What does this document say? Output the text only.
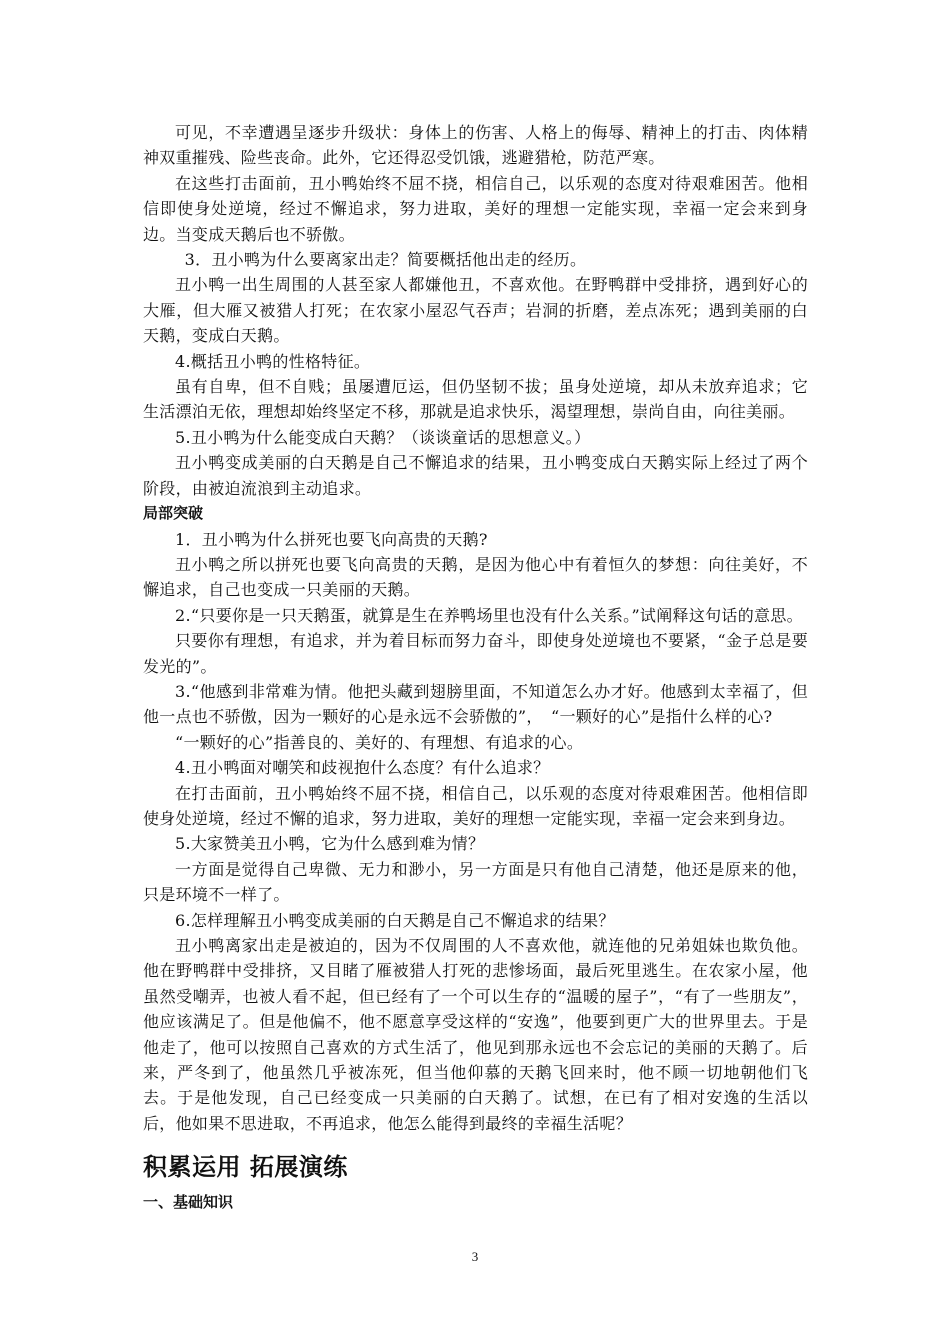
可见，不幸遭遇呈逐步升级状：身体上的伤害、人格上的侮辱、精神上的打击、肉体精神双重摧残、险些丧命。此外，它还得忍受饥饿，逃避猎枪，防范严寒。

在这些打击面前，丑小鸭始终不屈不挠，相信自己，以乐观的态度对待艰难困苦。他相信即使身处逆境，经过不懈追求，努力进取，美好的理想一定能实现，幸福一定会来到身边。当变成天鹅后也不骄傲。

3．丑小鸭为什么要离家出走？简要概括他出走的经历。

丑小鸭一出生周围的人甚至家人都嫌他丑，不喜欢他。在野鸭群中受排挤，遇到好心的大雁，但大雁又被猎人打死；在农家小屋忍气吞声；岩洞的折磨，差点冻死；遇到美丽的白天鹅，变成白天鹅。

4.概括丑小鸭的性格特征。

虽有自卑，但不自贱；虽屡遭厄运，但仍坚韧不拔；虽身处逆境，却从未放弃追求；它生活漂泊无依，理想却始终坚定不移，那就是追求快乐，渴望理想，崇尚自由，向往美丽。

5.丑小鸭为什么能变成白天鹅？（谈谈童话的思想意义。）

丑小鸭变成美丽的白天鹅是自己不懈追求的结果，丑小鸭变成白天鹅实际上经过了两个阶段，由被迫流浪到主动追求。

局部突破

1．丑小鸭为什么拼死也要飞向高贵的天鹅?

丑小鸭之所以拼死也要飞向高贵的天鹅，是因为他心中有着恒久的梦想：向往美好，不懈追求，自己也变成一只美丽的天鹅。

2.“只要你是一只天鹅蛋，就算是生在养鸭场里也没有什么关系。”试阐释这句话的意思。

只要你有理想，有追求，并为着目标而努力奋斗，即使身处逆境也不要紧，“金子总是要发光的”。

3.“他感到非常难为情。他把头藏到翅膀里面，不知道怎么办才好。他感到太幸福了，但他一点也不骄傲，因为一颗好的心是永远不会骄傲的”，　“一颗好的心”是指什么样的心?

“一颗好的心”指善良的、美好的、有理想、有追求的心。

4.丑小鸭面对嘲笑和歧视抱什么态度？有什么追求？

在打击面前，丑小鸭始终不屈不挠，相信自己，以乐观的态度对待艰难困苦。他相信即使身处逆境，经过不懈的追求，努力进取，美好的理想一定能实现，幸福一定会来到身边。

5.大家赞美丑小鸭，它为什么感到难为情？

一方面是觉得自己卑微、无力和渺小，另一方面是只有他自己清楚，他还是原来的他，只是环境不一样了。

6.怎样理解丑小鸭变成美丽的白天鹅是自己不懈追求的结果？

丑小鸭离家出走是被迫的，因为不仅周围的人不喜欢他，就连他的兄弟姐妹也欺负他。他在野鸭群中受排挤，又目睹了雁被猎人打死的悲惨场面，最后死里逃生。在农家小屋，他虽然受嘲弄，也被人看不起，但已经有了一个可以生存的“温暖的屋子”，“有了一些朋友”，他应该满足了。但是他偏不，他不愿意享受这样的“安逸”，他要到更广大的世界里去。于是他走了，他可以按照自己喜欢的方式生活了，他见到那永远也不会忘记的美丽的天鹅了。后来，严冬到了，他虽然几乎被冻死，但当他仰慕的天鹅飞回来时，他不顾一切地朝他们飞去。于是他发现，自己已经变成一只美丽的白天鹅了。试想，在已有了相对安逸的生活以后，他如果不思进取，不再追求，他怎么能得到最终的幸福生活呢？

积累运用 拓展演练

一、基础知识

3
